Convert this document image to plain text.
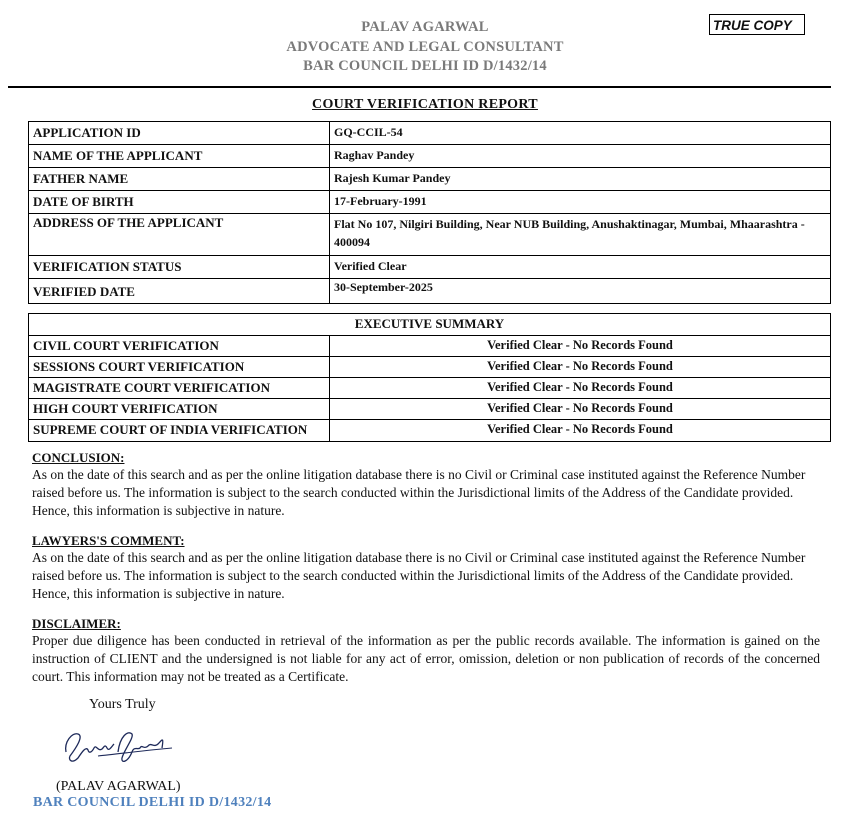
PALAV AGARWAL
ADVOCATE AND LEGAL CONSULTANT
BAR COUNCIL DELHI ID D/1432/14
TRUE COPY
COURT VERIFICATION REPORT
APPLICATION ID	GQ-CCIL-54
NAME OF THE APPLICANT	Raghav Pandey
FATHER NAME	Rajesh Kumar Pandey
DATE OF BIRTH	17-February-1991
ADDRESS OF THE APPLICANT	Flat No 107, Nilgiri Building, Near NUB Building, Anushaktinagar, Mumbai, Mhaarashtra - 400094
VERIFICATION STATUS	Verified Clear
VERIFIED DATE	30-September-2025
EXECUTIVE SUMMARY	
CIVIL COURT VERIFICATION	Verified Clear - No Records Found
SESSIONS COURT VERIFICATION	Verified Clear - No Records Found
MAGISTRATE COURT VERIFICATION	Verified Clear - No Records Found
HIGH COURT VERIFICATION	Verified Clear - No Records Found
SUPREME COURT OF INDIA VERIFICATION	Verified Clear - No Records Found
CONCLUSION:
As on the date of this search and as per the online litigation database there is no Civil or Criminal case instituted against the Reference Number raised before us. The information is subject to the search conducted within the Jurisdictional limits of the Address of the Candidate provided. Hence, this information is subjective in nature.
LAWYERS'S COMMENT:
As on the date of this search and as per the online litigation database there is no Civil or Criminal case instituted against the Reference Number raised before us. The information is subject to the search conducted within the Jurisdictional limits of the Address of the Candidate provided. Hence, this information is subjective in nature.
DISCLAIMER:
Proper due diligence has been conducted in retrieval of the information as per the public records available. The information is gained on the instruction of CLIENT and the undersigned is not liable for any act of error, omission, deletion or non publication of records of the concerned court. This information may not be treated as a Certificate.
Yours Truly
(PALAV AGARWAL)
BAR COUNCIL DELHI ID D/1432/14
